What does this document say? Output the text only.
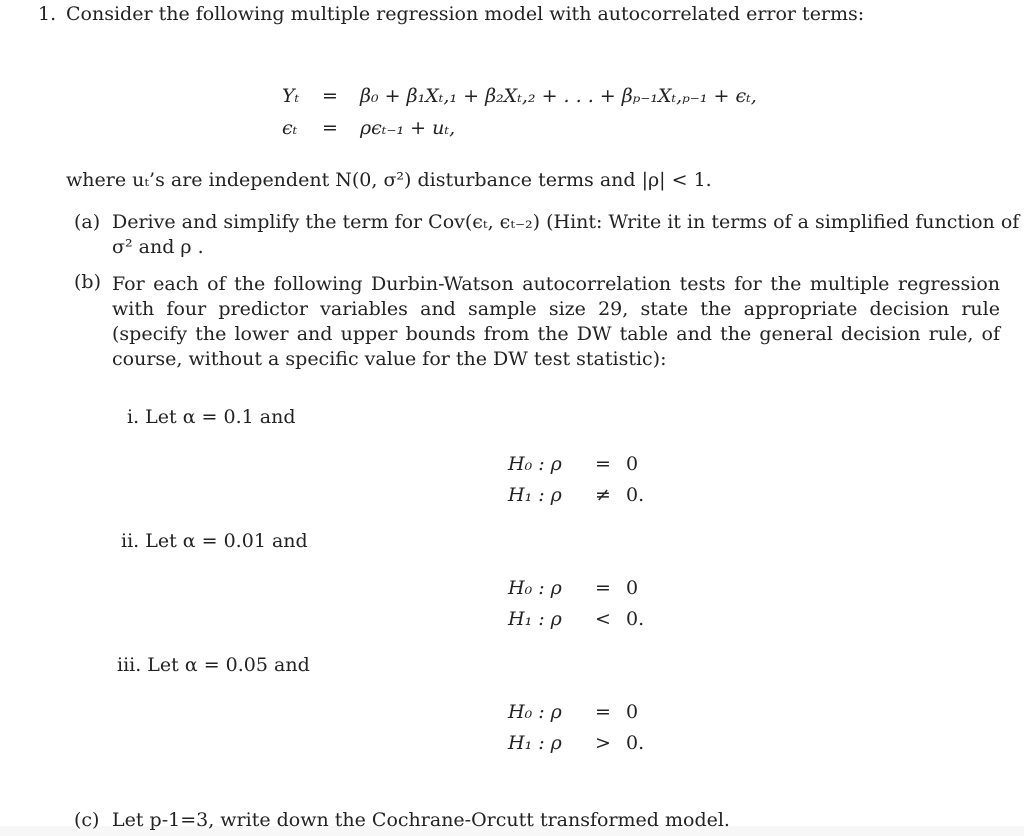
1. Consider the following multiple regression model with autocorrelated error terms:
Yₜ = β₀ + β₁Xₜ,₁ + β₂Xₜ,₂ + . . . + βₚ₋₁Xₜ,ₚ₋₁ + ϵₜ,
ϵₜ = ρϵₜ₋₁ + uₜ,
where uₜ’s are independent N(0, σ²) disturbance terms and |ρ| < 1.
(a) Derive and simplify the term for Cov(ϵₜ, ϵₜ₋₂) (Hint: Write it in terms of a simplified function of
σ² and ρ .
(b) For each of the following Durbin-Watson autocorrelation tests for the multiple regression with four predictor variables and sample size 29, state the appropriate decision rule (specify the lower and upper bounds from the DW table and the general decision rule, of course, without a specific value for the DW test statistic):
i. Let α = 0.1 and
H₀ : ρ	= 0
H₁ : ρ	≠ 0.
ii. Let α = 0.01 and
H₀ : ρ	= 0
H₁ : ρ	< 0.
iii. Let α = 0.05 and
H₀ : ρ	= 0
H₁ : ρ	> 0.
(c) Let p-1=3, write down the Cochrane-Orcutt transformed model.
